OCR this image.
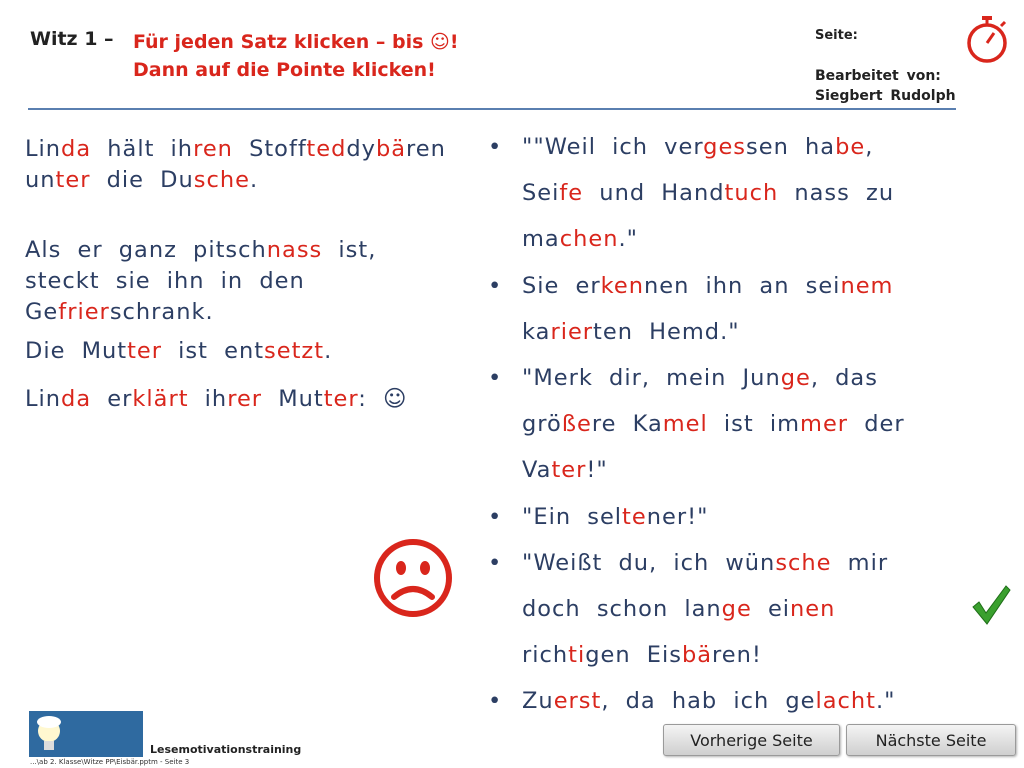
Witz 1 – Für jeden Satz klicken – bis ☺!
Dann auf die Pointe klicken!
Seite:
Bearbeitet von:
Siegbert Rudolph
Linda hält ihren Stoffteddybären unter die Dusche.
Als er ganz pitschnass ist, steckt sie ihn in den Gefrierschrank.
Die Mutter ist entsetzt.
Linda erklärt ihrer Mutter: ☺
• ""Weil ich vergessen habe, Seife und Handtuch nass zu machen."
• Sie erkennen ihn an seinem karierten Hemd."
• "Merk dir, mein Junge, das größere Kamel ist immer der Vater!"
• "Ein seltener!"
• "Weißt du, ich wünsche mir doch schon lange einen richtigen Eisbären!
• Zuerst, da hab ich gelacht."
Lesemotivationstraining
...\ab 2. Klasse\Witze PP\Eisbär.pptm - Seite 3
Vorherige Seite	Nächste Seite
